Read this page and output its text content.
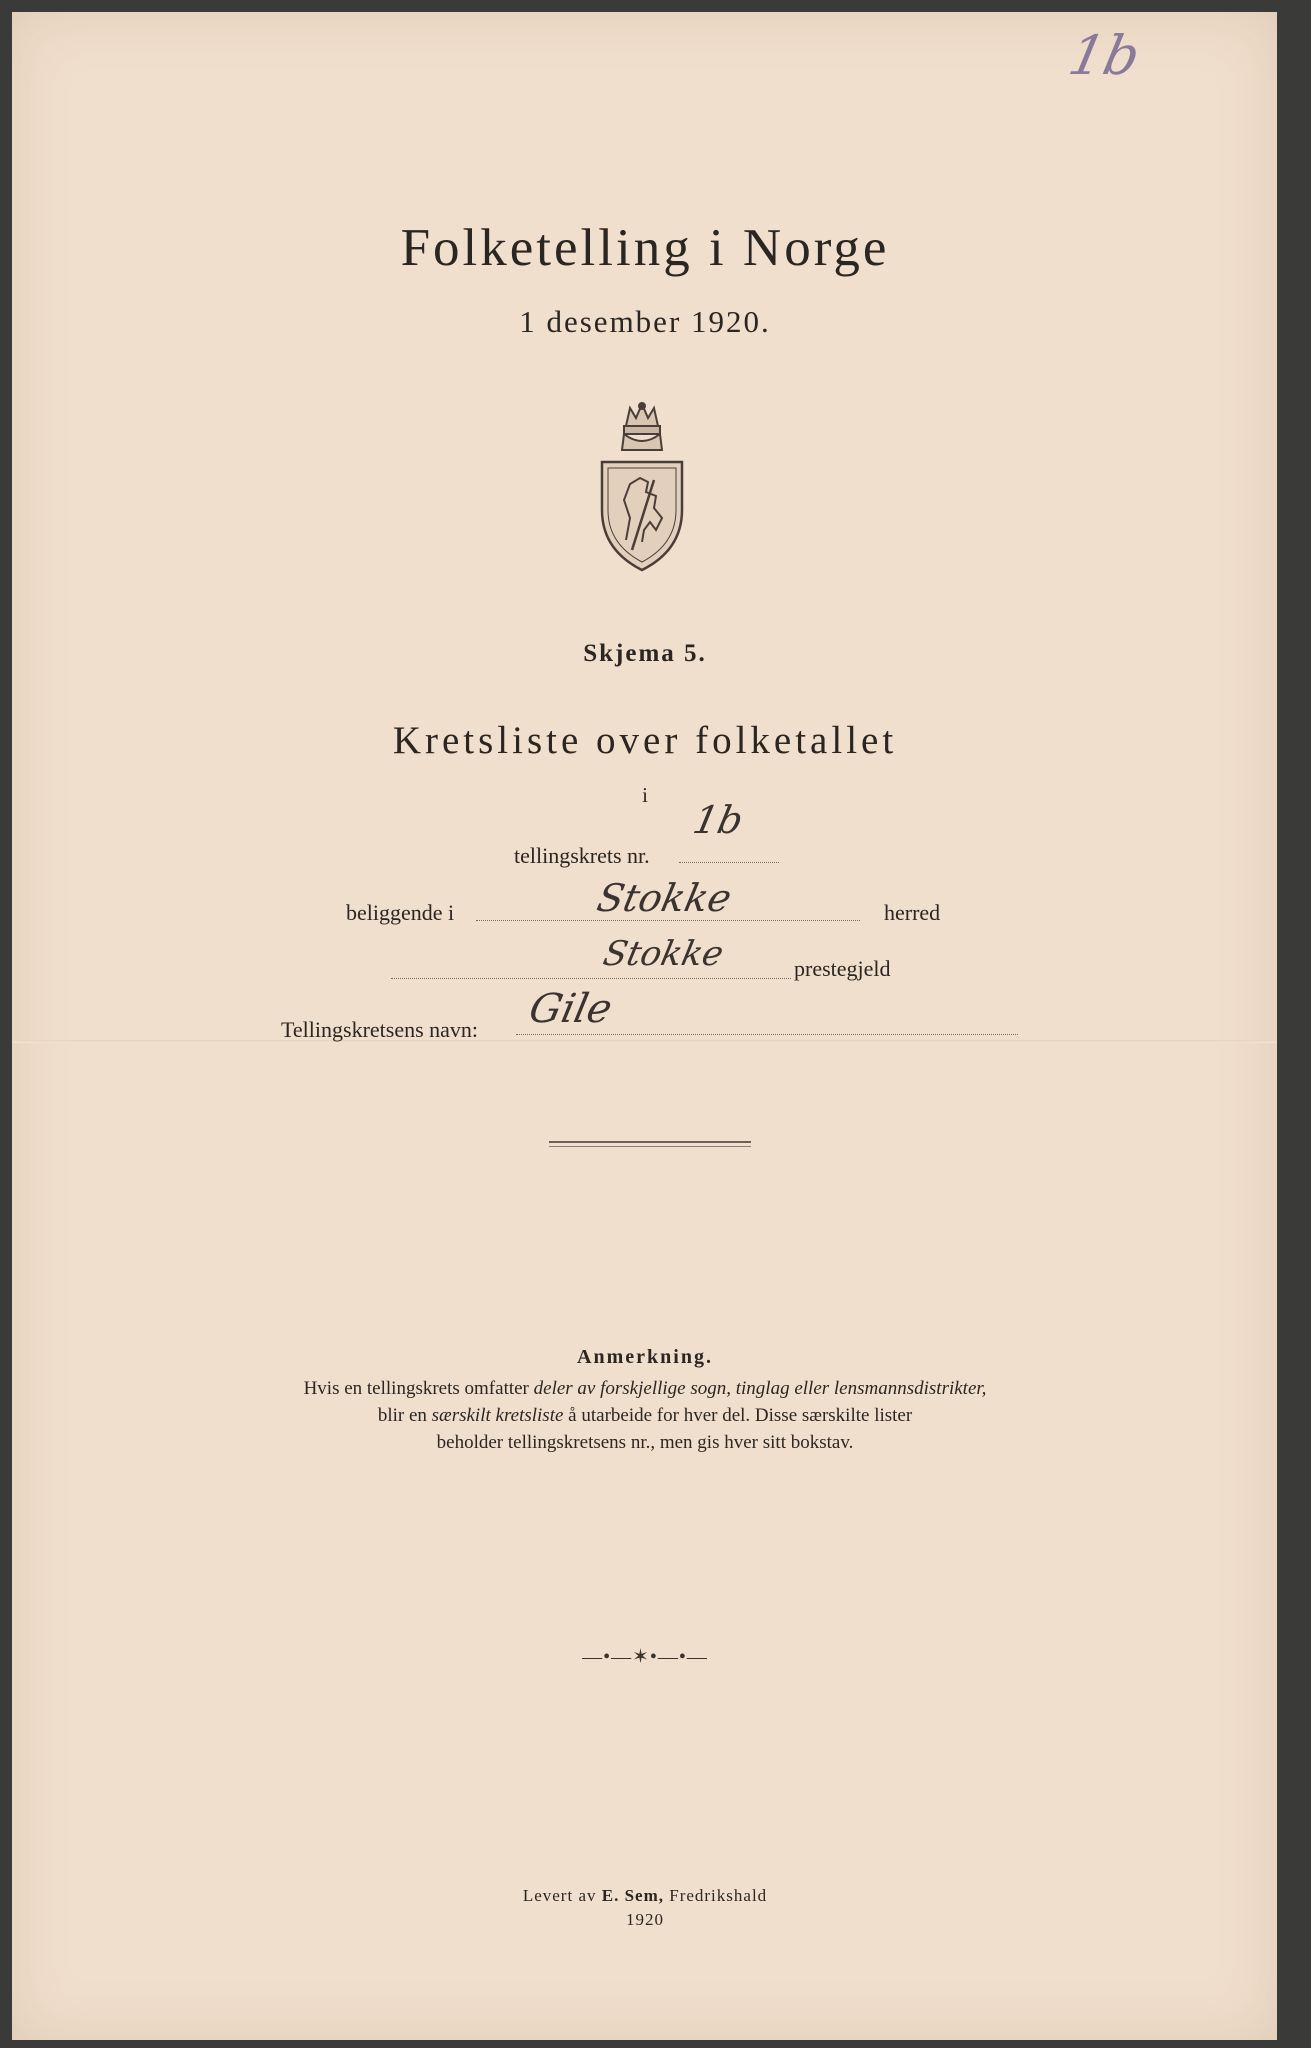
1b
Folketelling i Norge
1 desember 1920.
Skjema 5.
Kretsliste over folketallet
i
tellingskrets nr.
1b
beliggende i	Stokke	herred
Stokke	prestegjeld
Tellingskretsens navn: Gile
Anmerkning.
Hvis en tellingskrets omfatter deler av forskjellige sogn, tinglag eller lensmannsdistrikter,
blir en særskilt kretsliste å utarbeide for hver del. Disse særskilte lister
beholder tellingskretsens nr., men gis hver sitt bokstav.
—•—✶•—•—
Levert av E. Sem, Fredrikshald
1920
